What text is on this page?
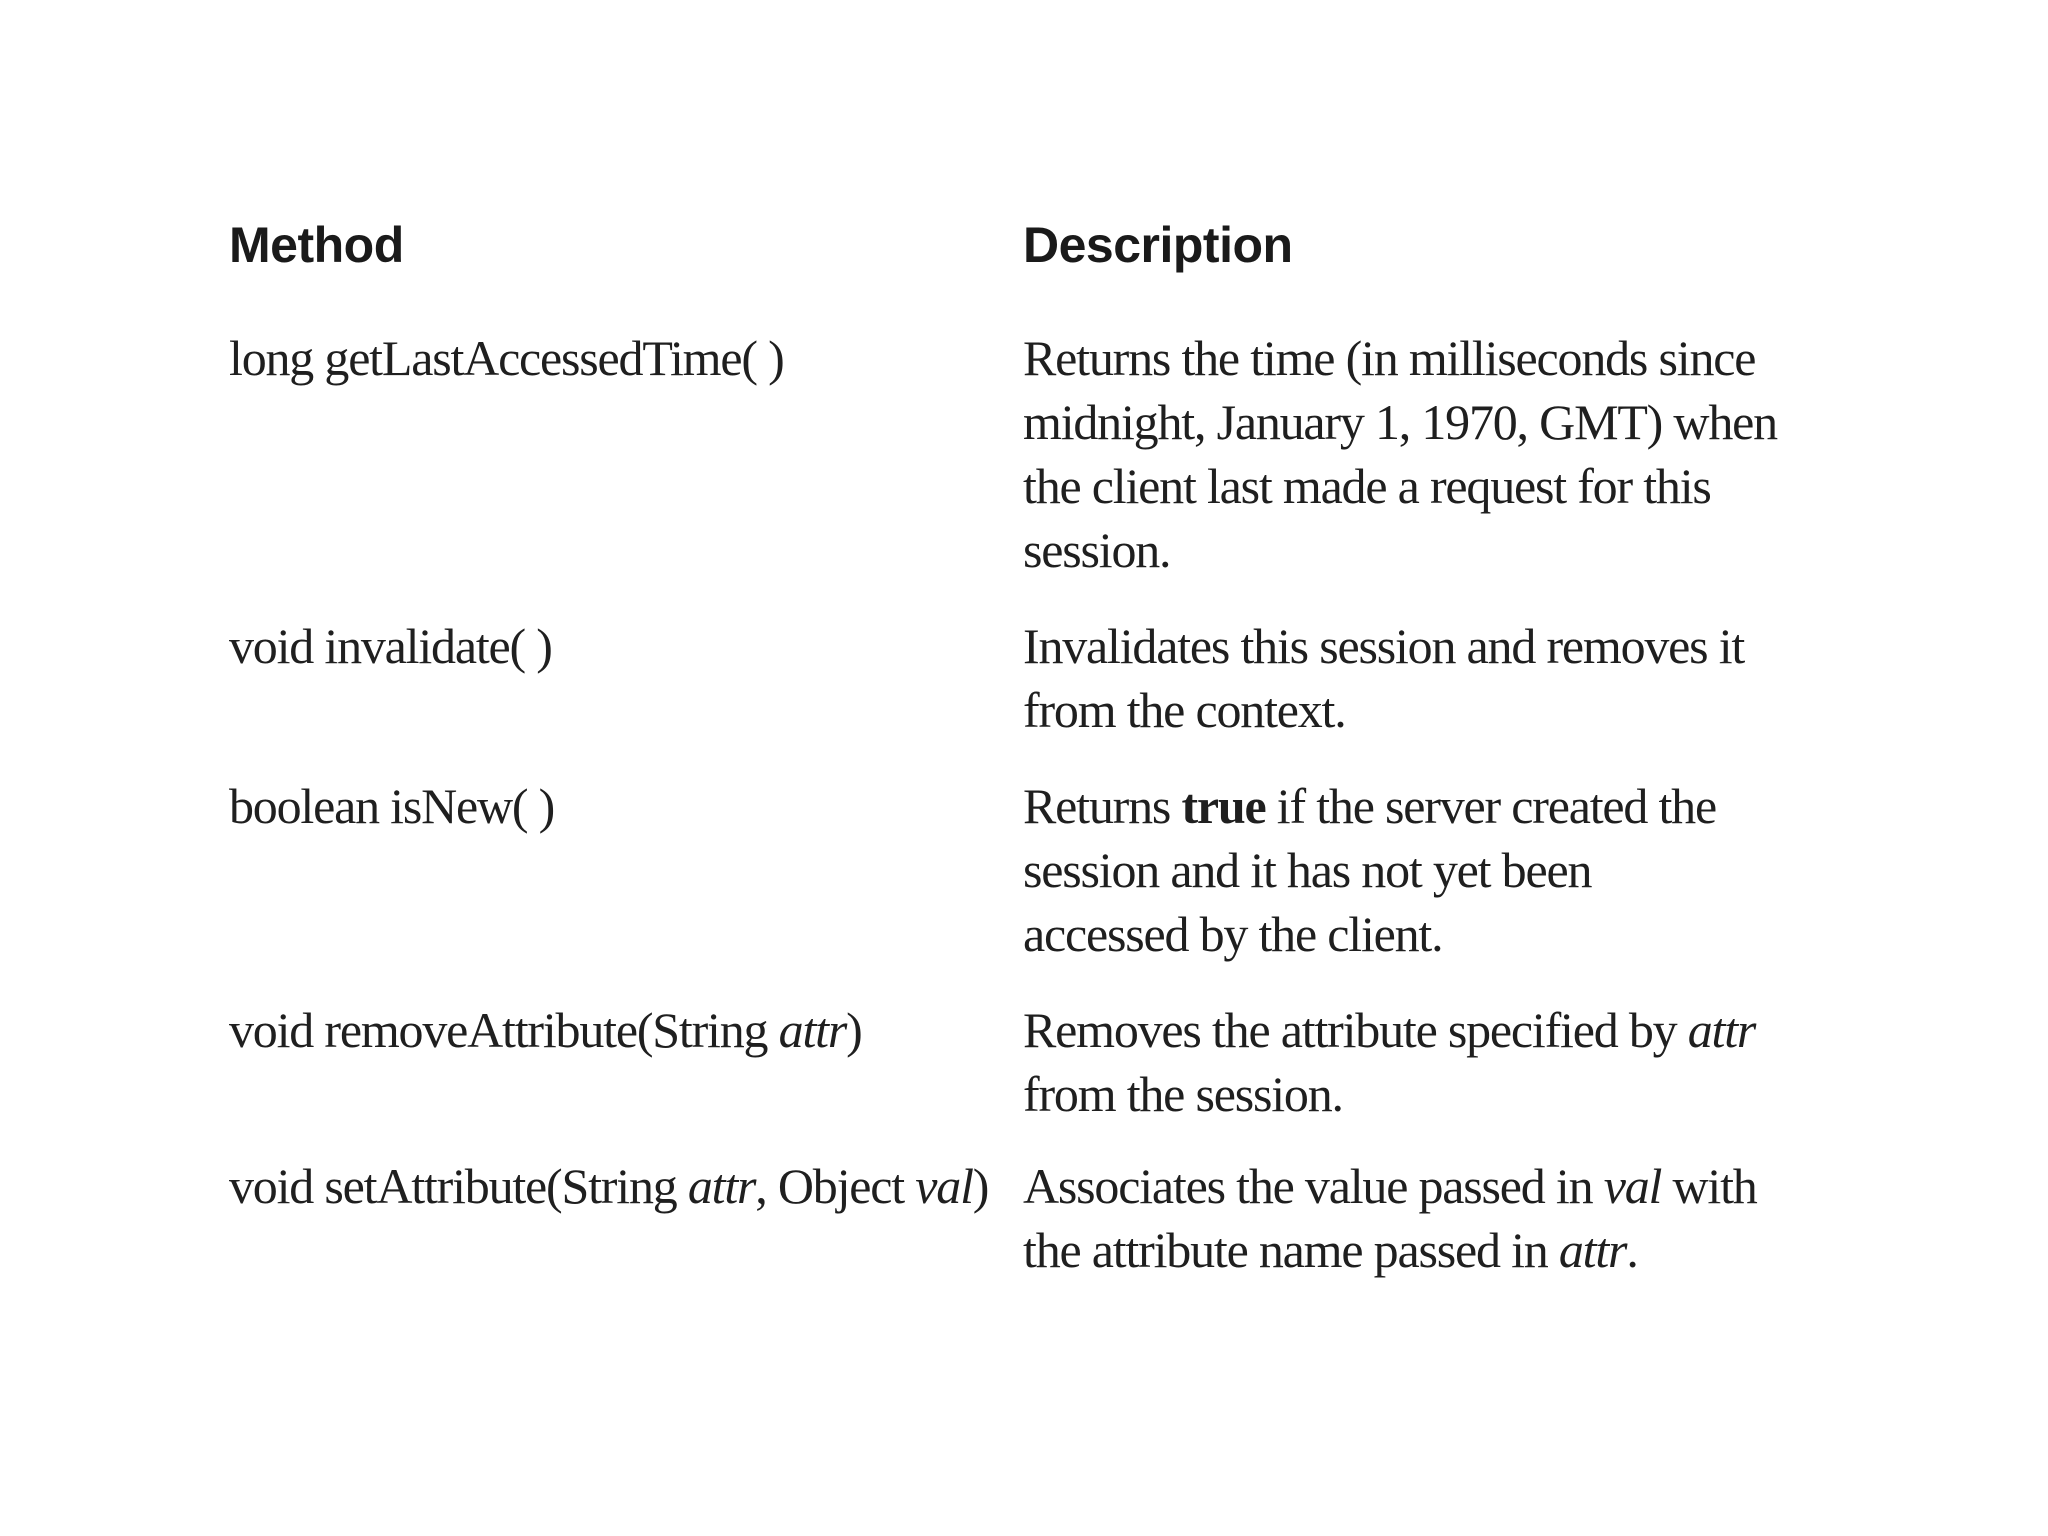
Method	Description
long getLastAccessedTime( )	Returns the time (in milliseconds since
midnight, January 1, 1970, GMT) when
the client last made a request for this
session.
void invalidate( )	Invalidates this session and removes it
from the context.
boolean isNew( )	Returns true if the server created the
session and it has not yet been
accessed by the client.
void removeAttribute(String attr)	Removes the attribute specified by attr
from the session.
void setAttribute(String attr, Object val) Associates the value passed in val with
the attribute name passed in attr.
